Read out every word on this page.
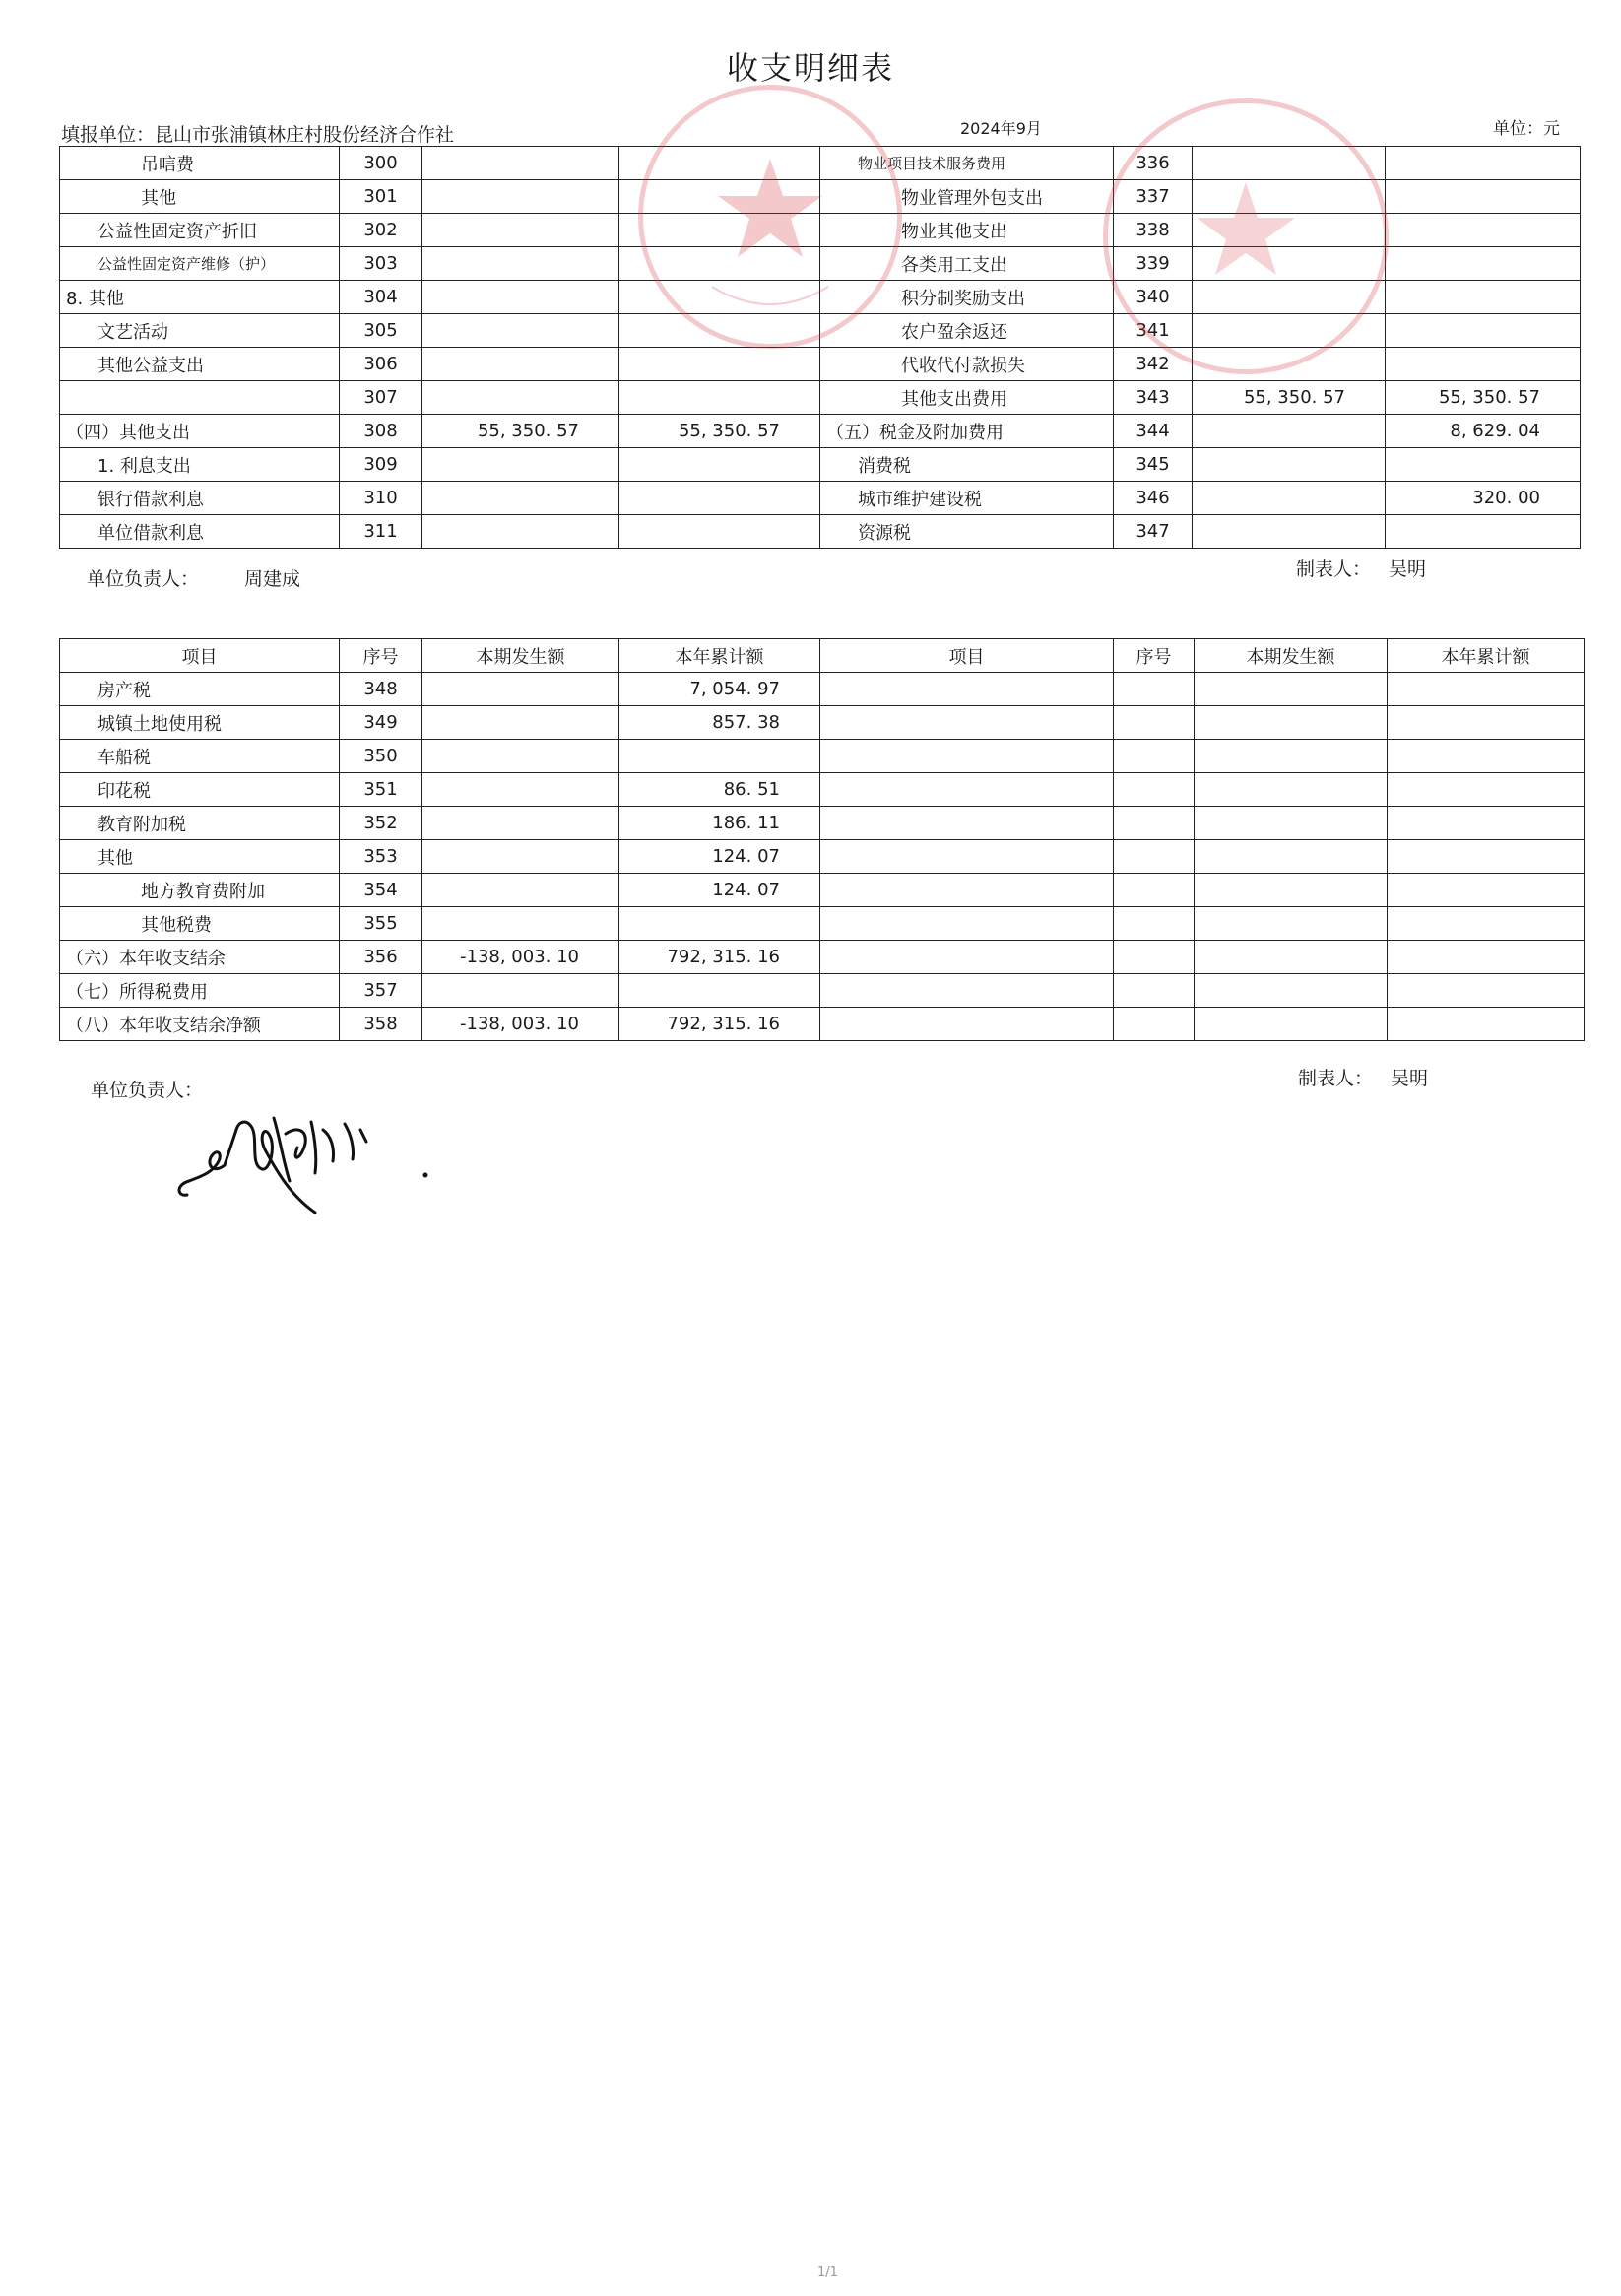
收支明细表
填报单位：昆山市张浦镇林庄村股份经济合作社	2024年9月	单位：元
吊唁费	300			物业项目技术服务费用	336		
其他	301			物业管理外包支出	337		
公益性固定资产折旧	302			物业其他支出	338		
公益性固定资产维修（护）	303			各类用工支出	339		
8. 其他	304			积分制奖励支出	340		
文艺活动	305			农户盈余返还	341		
其他公益支出	306			代收代付款损失	342		
	307			其他支出费用	343	55, 350. 57	55, 350. 57
（四）其他支出	308	55, 350. 57	55, 350. 57	（五）税金及附加费用	344		8, 629. 04
1. 利息支出	309			消费税	345		
银行借款利息	310			城市维护建设税	346		320. 00
单位借款利息	311			资源税	347		
单位负责人： 周建成	制表人： 吴明
项目	序号	本期发生额	本年累计额	项目	序号	本期发生额	本年累计额
房产税	348		7, 054. 97				
城镇土地使用税	349		857. 38				
车船税	350						
印花税	351		86. 51				
教育附加税	352		186. 11				
其他	353		124. 07				
地方教育费附加	354		124. 07				
其他税费	355						
（六）本年收支结余	356	-138, 003. 10	792, 315. 16				
（七）所得税费用	357						
（八）本年收支结余净额	358	-138, 003. 10	792, 315. 16				
单位负责人：
制表人： 吴明
1/1
